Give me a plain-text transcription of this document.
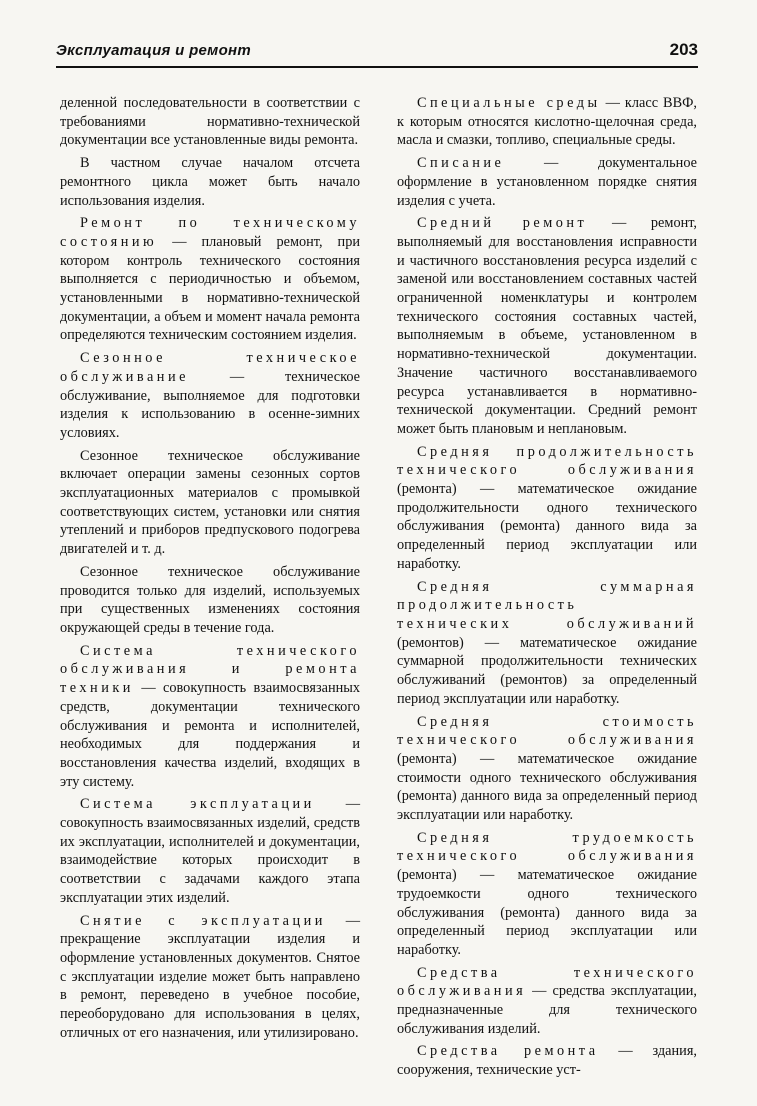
Эксплуатация и ремонт	203

деленной последовательности в соответствии с требованиями нормативно-технической документации все установленные виды ремонта.

В частном случае началом отсчета ремонтного цикла может быть начало использования изделия.

Ремонт по техническому состоянию — плановый ремонт, при котором контроль технического состояния выполняется с периодичностью и объемом, установленными в нормативно-технической документации, а объем и момент начала ремонта определяются техническим состоянием изделия.

Сезонное техническое обслуживание — техническое обслуживание, выполняемое для подготовки изделия к использованию в осенне-зимних условиях.

Сезонное техническое обслуживание включает операции замены сезонных сортов эксплуатационных материалов с промывкой соответствующих систем, установки или снятия утеплений и приборов предпускового подогрева двигателей и т. д.

Сезонное техническое обслуживание проводится только для изделий, используемых при существенных изменениях состояния окружающей среды в течение года.

Система технического обслуживания и ремонта техники — совокупность взаимосвязанных средств, документации технического обслуживания и ремонта и исполнителей, необходимых для поддержания и восстановления качества изделий, входящих в эту систему.

Система эксплуатации — совокупность взаимосвязанных изделий, средств их эксплуатации, исполнителей и документации, взаимодействие которых происходит в соответствии с задачами каждого этапа эксплуатации этих изделий.

Снятие с эксплуатации — прекращение эксплуатации изделия и оформление установленных документов. Снятое с эксплуатации изделие может быть направлено в ремонт, переведено в учебное пособие, переоборудовано для использования в целях, отличных от его назначения, или утилизировано.

Специальные среды — класс ВВФ, к которым относятся кислотно-щелочная среда, масла и смазки, топливо, специальные среды.

Списание — документальное оформление в установленном порядке снятия изделия с учета.

Средний ремонт — ремонт, выполняемый для восстановления исправности и частичного восстановления ресурса изделий с заменой или восстановлением составных частей ограниченной номенклатуры и контролем технического состояния составных частей, выполняемым в объеме, установленном в нормативно-технической документации. Значение частичного восстанавливаемого ресурса устанавливается в нормативно-технической документации. Средний ремонт может быть плановым и неплановым.

Средняя продолжительность технического обслуживания (ремонта) — математическое ожидание продолжительности одного технического обслуживания (ремонта) данного вида за определенный период эксплуатации или наработку.

Средняя суммарная продолжительность технических обслуживаний (ремонтов) — математическое ожидание суммарной продолжительности технических обслуживаний (ремонтов) за определенный период эксплуатации или наработку.

Средняя стоимость технического обслуживания (ремонта) — математическое ожидание стоимости одного технического обслуживания (ремонта) данного вида за определенный период эксплуатации или наработку.

Средняя трудоемкость технического обслуживания (ремонта) — математическое ожидание трудоемкости одного технического обслуживания (ремонта) данного вида за определенный период эксплуатации или наработку.

Средства технического обслуживания — средства эксплуатации, предназначенные для технического обслуживания изделий.

Средства ремонта — здания, сооружения, технические уст-
